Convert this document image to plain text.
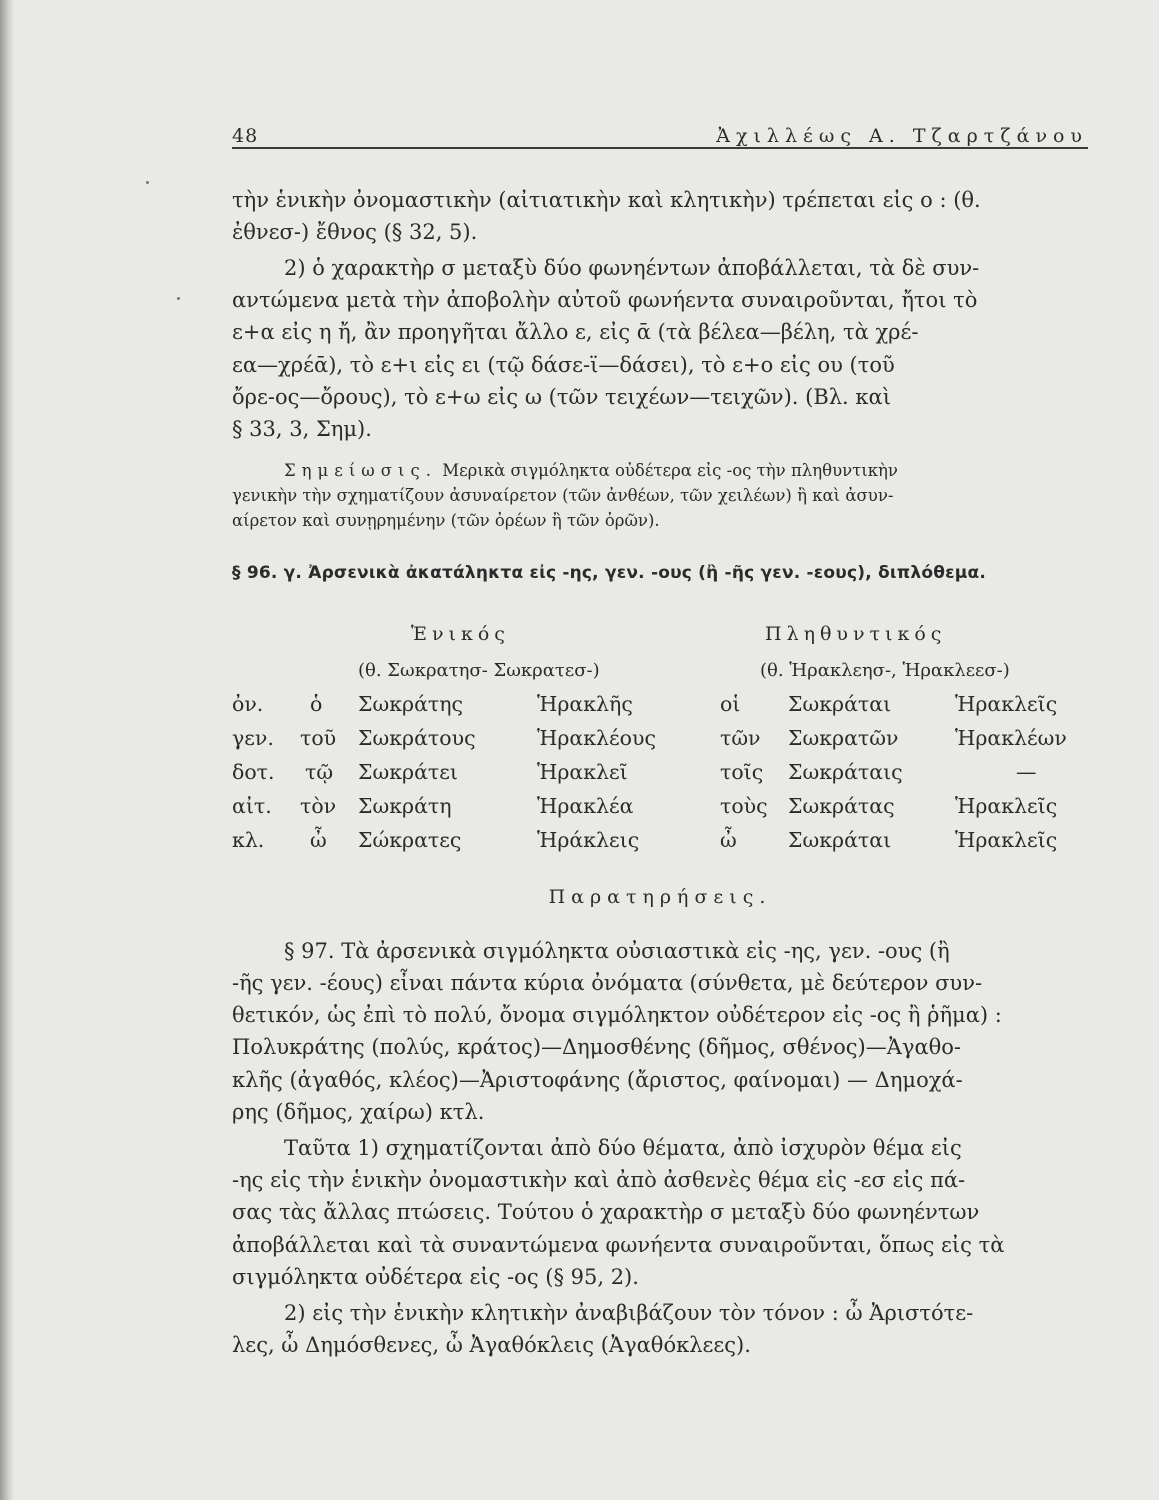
48	Ἀχιλλέως Α. Τζαρτζάνου
τὴν ἑνικὴν ὀνομαστικὴν (αἰτιατικὴν καὶ κλητικὴν) τρέπεται εἰς ο : (θ.
ἐθνεσ-) ἔθνος (§ 32, 5).
2) ὁ χαρακτὴρ σ μεταξὺ δύο φωνηέντων ἀποβάλλεται, τὰ δὲ συν-
αντώμενα μετὰ τὴν ἀποβολὴν αὐτοῦ φωνήεντα συναιροῦνται, ἤτοι τὸ
ε+α εἰς η ἤ, ἂν προηγῆται ἄλλο ε, εἰς ᾱ (τὰ βέλεα—βέλη, τὰ χρέ-
εα—χρέᾱ), τὸ ε+ι εἰς ει (τῷ δάσε-ϊ—δάσει), τὸ ε+ο εἰς ου (τοῦ
ὄρε-ος—ὄρους), τὸ ε+ω εἰς ω (τῶν τειχέων—τειχῶν). (Βλ. καὶ
§ 33, 3, Σημ).
Σημείωσις. Μερικὰ σιγμόληκτα οὐδέτερα εἰς -ος τὴν πληθυντικὴν
γενικὴν τὴν σχηματίζουν ἀσυναίρετον (τῶν ἀνθέων, τῶν χειλέων) ἢ καὶ ἀσυν-
αίρετον καὶ συνῃρημένην (τῶν ὀρέων ἢ τῶν ὀρῶν).
§ 96. γ. Ἀρσενικὰ ἀκατάληκτα εἰς -ης, γεν. -ους (ἢ -ῆς γεν. -εους), διπλόθεμα.
Ἑνικός	Πληθυντικός
(θ. Σωκρατησ- Σωκρατεσ-)	(θ. Ἡρακλεησ-, Ἡρακλεεσ-)
ὀν. ὁ Σωκράτης	Ἡρακλῆς	οἱ Σωκράται	Ἡρακλεῖς
γεν. τοῦ Σωκράτους	Ἡρακλέους	τῶν Σωκρατῶν	Ἡρακλέων
δοτ. τῷ Σωκράτει	Ἡρακλεῖ	τοῖς Σωκράταις	—
αἰτ. τὸν Σωκράτη	Ἡρακλέα	τοὺς Σωκράτας	Ἡρακλεῖς
κλ. ὦ Σώκρατες	Ἡράκλεις	ὦ	Σωκράται	Ἡρακλεῖς
Παρατηρήσεις.
§ 97. Τὰ ἀρσενικὰ σιγμόληκτα οὐσιαστικὰ εἰς -ης, γεν. -ους (ἢ
-ῆς γεν. -έους) εἶναι πάντα κύρια ὀνόματα (σύνθετα, μὲ δεύτερον συν-
θετικόν, ὡς ἐπὶ τὸ πολύ, ὄνομα σιγμόληκτον οὐδέτερον εἰς -ος ἢ ῥῆμα) :
Πολυκράτης (πολύς, κράτος)—Δημοσθένης (δῆμος, σθένος)—Ἀγαθο-
κλῆς (ἀγαθός, κλέος)—Ἀριστοφάνης (ἄριστος, φαίνομαι) — Δημοχά-
ρης (δῆμος, χαίρω) κτλ.
Ταῦτα 1) σχηματίζονται ἀπὸ δύο θέματα, ἀπὸ ἰσχυρὸν θέμα εἰς
-ης εἰς τὴν ἑνικὴν ὀνομαστικὴν καὶ ἀπὸ ἀσθενὲς θέμα εἰς -εσ εἰς πά-
σας τὰς ἄλλας πτώσεις. Τούτου ὁ χαρακτὴρ σ μεταξὺ δύο φωνηέντων
ἀποβάλλεται καὶ τὰ συναντώμενα φωνήεντα συναιροῦνται, ὅπως εἰς τὰ
σιγμόληκτα οὐδέτερα εἰς -ος (§ 95, 2).
2) εἰς τὴν ἑνικὴν κλητικὴν ἀναβιβάζουν τὸν τόνον : ὦ Ἀριστότε-
λες, ὦ Δημόσθενες, ὦ Ἀγαθόκλεις (Ἀγαθόκλεες).
